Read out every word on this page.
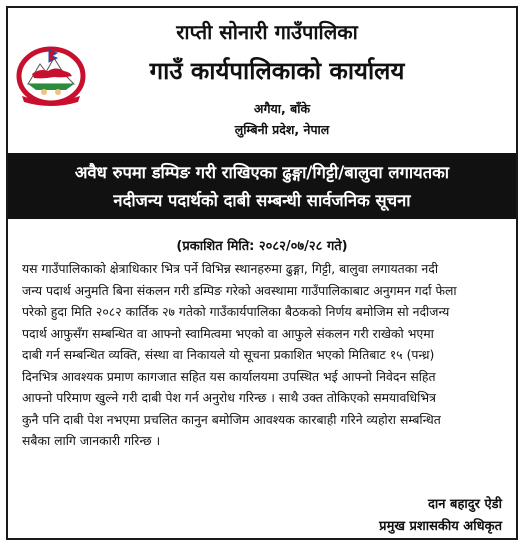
राप्ती सोनारी गाउँपालिका
गाउँ कार्यपालिकाको कार्यालय
अगैया, बाँके
लुम्बिनी प्रदेश, नेपाल
अवैध रुपमा डम्पिङ गरी राखिएका ढुङ्गा/गिट्टी/बालुवा लगायतका
नदीजन्य पदार्थको दाबी सम्बन्धी सार्वजनिक सूचना
(प्रकाशित मिति: २०८२/०७/२८ गते)
यस गाउँपालिकाको क्षेत्राधिकार भित्र पर्ने विभिन्न स्थानहरुमा ढुङ्गा, गिट्टी, बालुवा लगायतका नदी
जन्य पदार्थ अनुमति बिना संकलन गरी डम्पिङ गरेको अवस्थामा गाउँपालिकाबाट अनुगमन गर्दा फेला
परेको हुदा मिति २०८२ कार्तिक २७ गतेको गाउँकार्यपालिका बैठकको निर्णय बमोजिम सो नदीजन्य
पदार्थ आफुसँग सम्बन्धित वा आफ्नो स्वामित्वमा भएको वा आफुले संकलन गरी राखेको भएमा
दाबी गर्न सम्बन्धित व्यक्ति, संस्था वा निकायले यो सूचना प्रकाशित भएको मितिबाट १५ (पन्ध्र)
दिनभित्र आवश्यक प्रमाण कागजात सहित यस कार्यालयमा उपस्थित भई आफ्नो निवेदन सहित
आफ्नो परिमाण खुल्ने गरी दाबी पेश गर्न अनुरोध गरिन्छ । साथै उक्त तोकिएको समयावधिभित्र
कुनै पनि दाबी पेश नभएमा प्रचलित कानुन बमोजिम आवश्यक कारबाही गरिने व्यहोरा सम्बन्धित
सबैका लागि जानकारी गरिन्छ ।
दान बहादुर ऐडी
प्रमुख प्रशासकीय अधिकृत
